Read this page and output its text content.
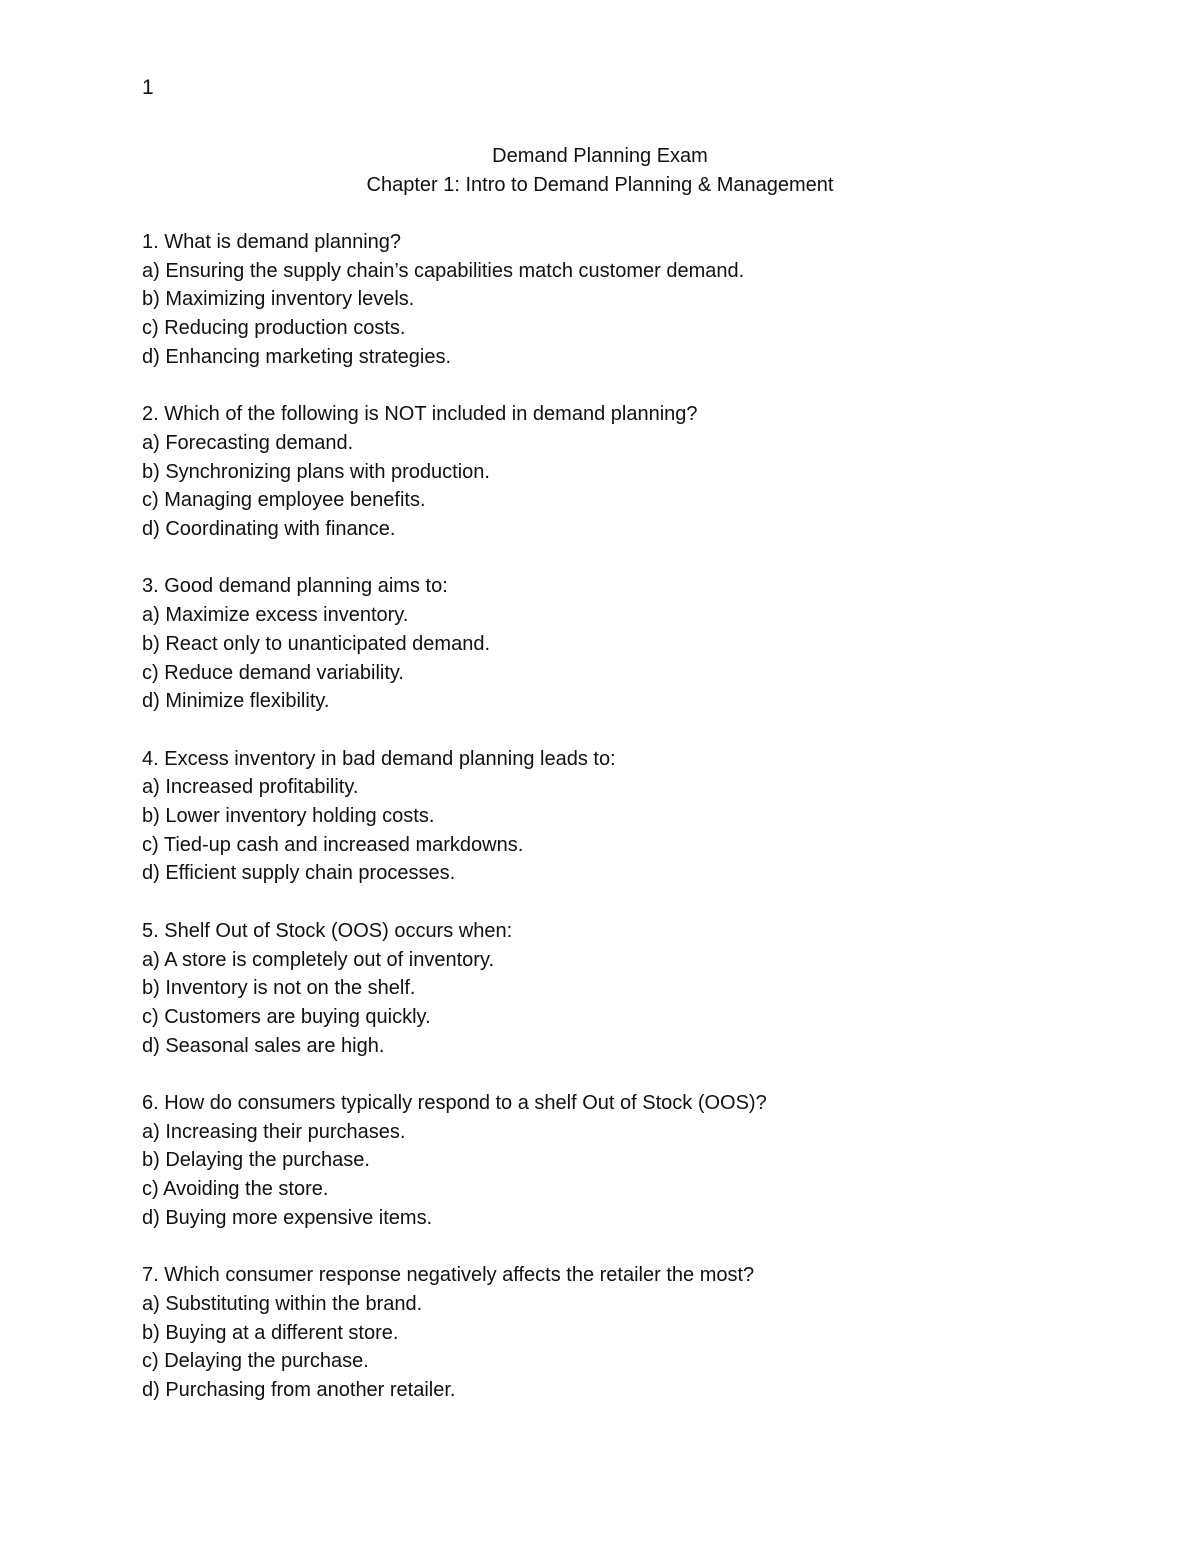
1
Demand Planning Exam
Chapter 1: Intro to Demand Planning & Management
1. What is demand planning?
a) Ensuring the supply chain’s capabilities match customer demand.
b) Maximizing inventory levels.
c) Reducing production costs.
d) Enhancing marketing strategies.
2. Which of the following is NOT included in demand planning?
a) Forecasting demand.
b) Synchronizing plans with production.
c) Managing employee benefits.
d) Coordinating with finance.
3. Good demand planning aims to:
a) Maximize excess inventory.
b) React only to unanticipated demand.
c) Reduce demand variability.
d) Minimize flexibility.
4. Excess inventory in bad demand planning leads to:
a) Increased profitability.
b) Lower inventory holding costs.
c) Tied-up cash and increased markdowns.
d) Efficient supply chain processes.
5. Shelf Out of Stock (OOS) occurs when:
a) A store is completely out of inventory.
b) Inventory is not on the shelf.
c) Customers are buying quickly.
d) Seasonal sales are high.
6. How do consumers typically respond to a shelf Out of Stock (OOS)?
a) Increasing their purchases.
b) Delaying the purchase.
c) Avoiding the store.
d) Buying more expensive items.
7. Which consumer response negatively affects the retailer the most?
a) Substituting within the brand.
b) Buying at a different store.
c) Delaying the purchase.
d) Purchasing from another retailer.
